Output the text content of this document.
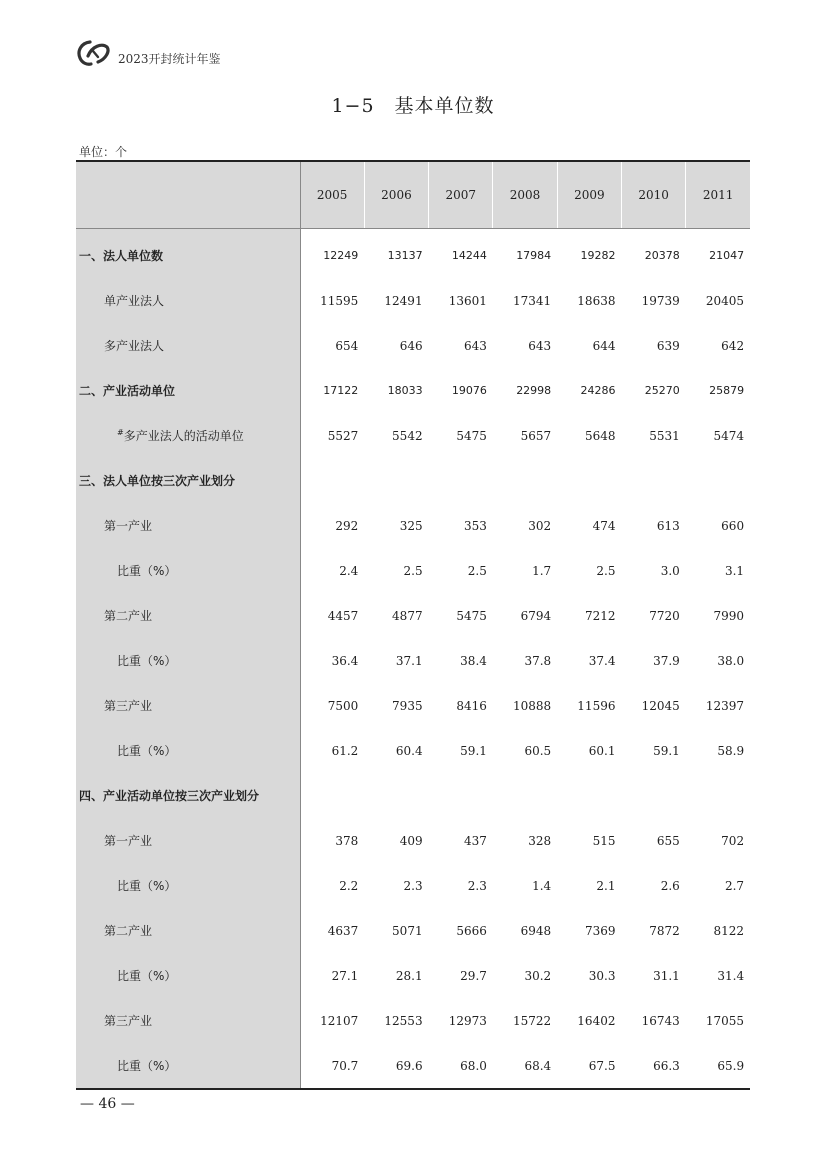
2023开封统计年鉴
1−5　基本单位数
单位：个
	2005	2006	2007	2008	2009	2010	2011
一、法人单位数	12249	13137	14244	17984	19282	20378	21047
单产业法人	11595	12491	13601	17341	18638	19739	20405
多产业法人	654	646	643	643	644	639	642
二、产业活动单位	17122	18033	19076	22998	24286	25270	25879
#多产业法人的活动单位	5527	5542	5475	5657	5648	5531	5474
三、法人单位按三次产业划分							
第一产业	292	325	353	302	474	613	660
比重（%）	2.4	2.5	2.5	1.7	2.5	3.0	3.1
第二产业	4457	4877	5475	6794	7212	7720	7990
比重（%）	36.4	37.1	38.4	37.8	37.4	37.9	38.0
第三产业	7500	7935	8416	10888	11596	12045	12397
比重（%）	61.2	60.4	59.1	60.5	60.1	59.1	58.9
四、产业活动单位按三次产业划分							
第一产业	378	409	437	328	515	655	702
比重（%）	2.2	2.3	2.3	1.4	2.1	2.6	2.7
第二产业	4637	5071	5666	6948	7369	7872	8122
比重（%）	27.1	28.1	29.7	30.2	30.3	31.1	31.4
第三产业	12107	12553	12973	15722	16402	16743	17055
比重（%）	70.7	69.6	68.0	68.4	67.5	66.3	65.9
— 46 —
